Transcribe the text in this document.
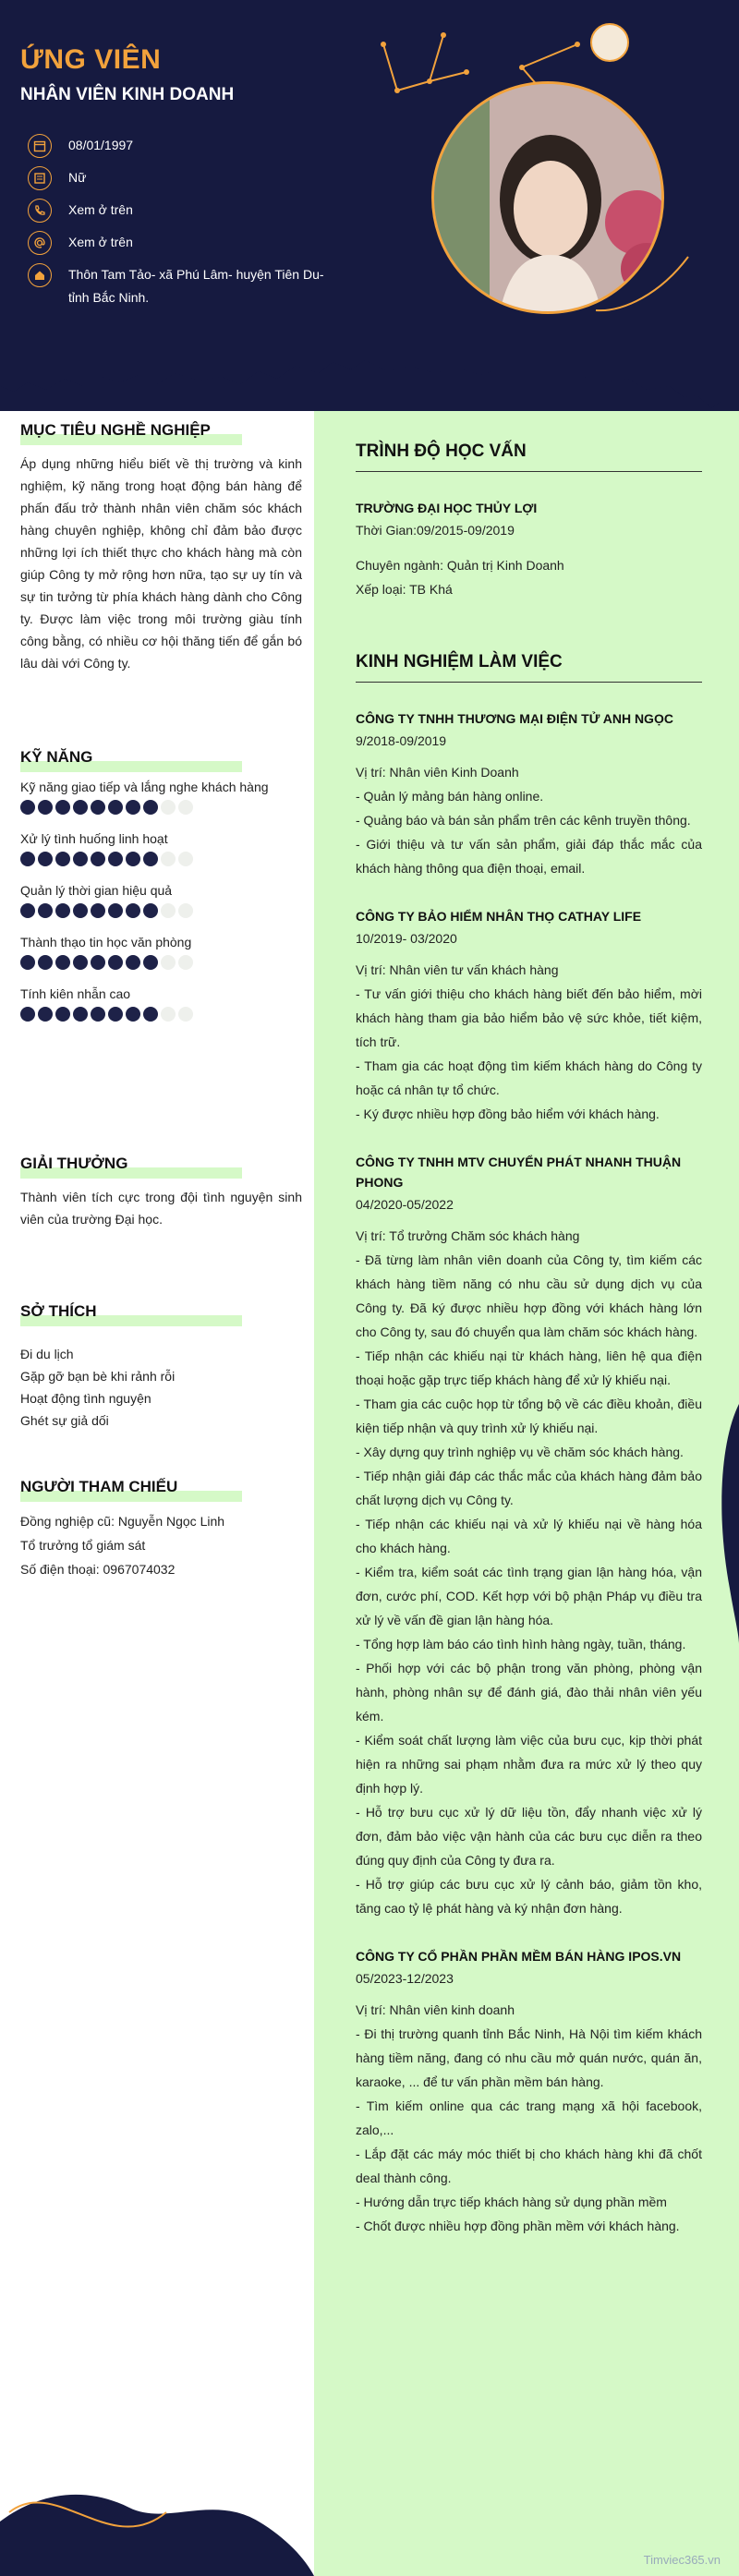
ỨNG VIÊN
NHÂN VIÊN KINH DOANH
08/01/1997
Nữ
Xem ở trên
Xem ở trên
Thôn Tam Tảo- xã Phú Lâm- huyện Tiên Du- tỉnh Bắc Ninh.
MỤC TIÊU NGHỀ NGHIỆP
Áp dụng những hiểu biết về thị trường và kinh nghiệm, kỹ năng trong hoạt động bán hàng để phấn đấu trở thành nhân viên chăm sóc khách hàng chuyên nghiệp, không chỉ đảm bảo được những lợi ích thiết thực cho khách hàng mà còn giúp Công ty mở rộng hơn nữa, tạo sự uy tín và sự tin tưởng từ phía khách hàng dành cho Công ty. Được làm việc trong môi trường giàu tính công bằng, có nhiều cơ hội thăng tiến để gắn bó lâu dài với Công ty.
KỸ NĂNG
Kỹ năng giao tiếp và lắng nghe khách hàng
Xử lý tình huống linh hoạt
Quản lý thời gian hiệu quả
Thành thạo tin học văn phòng
Tính kiên nhẫn cao
GIẢI THƯỞNG
Thành viên tích cực trong đội tình nguyện sinh viên của trường Đại học.
SỞ THÍCH
Đi du lịch
Gặp gỡ bạn bè khi rảnh rỗi
Hoạt động tình nguyện
Ghét sự giả dối
NGƯỜI THAM CHIẾU
Đồng nghiệp cũ: Nguyễn Ngọc Linh
Tổ trưởng tổ giám sát
Số điện thoại: 0967074032
TRÌNH ĐỘ HỌC VẤN
TRƯỜNG ĐẠI HỌC THỦY LỢI
Thời Gian:09/2015-09/2019
Chuyên ngành: Quản trị Kinh Doanh
Xếp loại: TB Khá
KINH NGHIỆM LÀM VIỆC
CÔNG TY TNHH THƯƠNG MẠI ĐIỆN TỬ ANH NGỌC
9/2018-09/2019
Vị trí: Nhân viên Kinh Doanh
- Quản lý mảng bán hàng online.
- Quảng báo và bán sản phẩm trên các kênh truyền thông.
- Giới thiệu và tư vấn sản phẩm, giải đáp thắc mắc của khách hàng thông qua điện thoại, email.
CÔNG TY BẢO HIỂM NHÂN THỌ CATHAY LIFE
10/2019- 03/2020
Vị trí: Nhân viên tư vấn khách hàng
- Tư vấn giới thiệu cho khách hàng biết đến bảo hiểm, mời khách hàng tham gia bảo hiểm bảo vệ sức khỏe, tiết kiệm, tích trữ.
- Tham gia các hoạt động tìm kiếm khách hàng do Công ty hoặc cá nhân tự tổ chức.
- Ký được nhiều hợp đồng bảo hiểm với khách hàng.
CÔNG TY TNHH MTV CHUYỂN PHÁT NHANH THUẬN PHONG
04/2020-05/2022
Vị trí: Tổ trưởng Chăm sóc khách hàng
- Đã từng làm nhân viên doanh của Công ty, tìm kiếm các khách hàng tiềm năng có nhu cầu sử dụng dịch vụ của Công ty. Đã ký được nhiều hợp đồng với khách hàng lớn cho Công ty, sau đó chuyển qua làm chăm sóc khách hàng.
- Tiếp nhận các khiếu nại từ khách hàng, liên hệ qua điện thoại hoặc gặp trực tiếp khách hàng để xử lý khiếu nại.
- Tham gia các cuộc họp từ tổng bộ về các điều khoản, điều kiện tiếp nhận và quy trình xử lý khiếu nại.
- Xây dựng quy trình nghiệp vụ về chăm sóc khách hàng.
- Tiếp nhận giải đáp các thắc mắc của khách hàng đảm bảo chất lượng dịch vụ Công ty.
- Tiếp nhận các khiếu nại và xử lý khiếu nại về hàng hóa cho khách hàng.
- Kiểm tra, kiểm soát các tình trạng gian lận hàng hóa, vận đơn, cước phí, COD. Kết hợp với bộ phận Pháp vụ điều tra xử lý về vấn đề gian lận hàng hóa.
- Tổng hợp làm báo cáo tình hình hàng ngày, tuần, tháng.
- Phối hợp với các bộ phận trong văn phòng, phòng vận hành, phòng nhân sự để đánh giá, đào thải nhân viên yếu kém.
- Kiểm soát chất lượng làm việc của bưu cục, kịp thời phát hiện ra những sai phạm nhằm đưa ra mức xử lý theo quy định hợp lý.
- Hỗ trợ bưu cục xử lý dữ liệu tồn, đẩy nhanh việc xử lý đơn, đảm bảo việc vận hành của các bưu cục diễn ra theo đúng quy định của Công ty đưa ra.
- Hỗ trợ giúp các bưu cục xử lý cảnh báo, giảm tồn kho, tăng cao tỷ lệ phát hàng và ký nhận đơn hàng.
CÔNG TY CỔ PHẦN PHẦN MỀM BÁN HÀNG IPOS.VN
05/2023-12/2023
Vị trí: Nhân viên kinh doanh
- Đi thị trường quanh tỉnh Bắc Ninh, Hà Nội tìm kiếm khách hàng tiềm năng, đang có nhu cầu mở quán nước, quán ăn, karaoke, ... để tư vấn phần mềm bán hàng.
- Tìm kiếm online qua các trang mạng xã hội facebook, zalo,...
- Lắp đặt các máy móc thiết bị cho khách hàng khi đã chốt deal thành công.
- Hướng dẫn trực tiếp khách hàng sử dụng phần mềm
- Chốt được nhiều hợp đồng phần mềm với khách hàng.
Timviec365.vn
